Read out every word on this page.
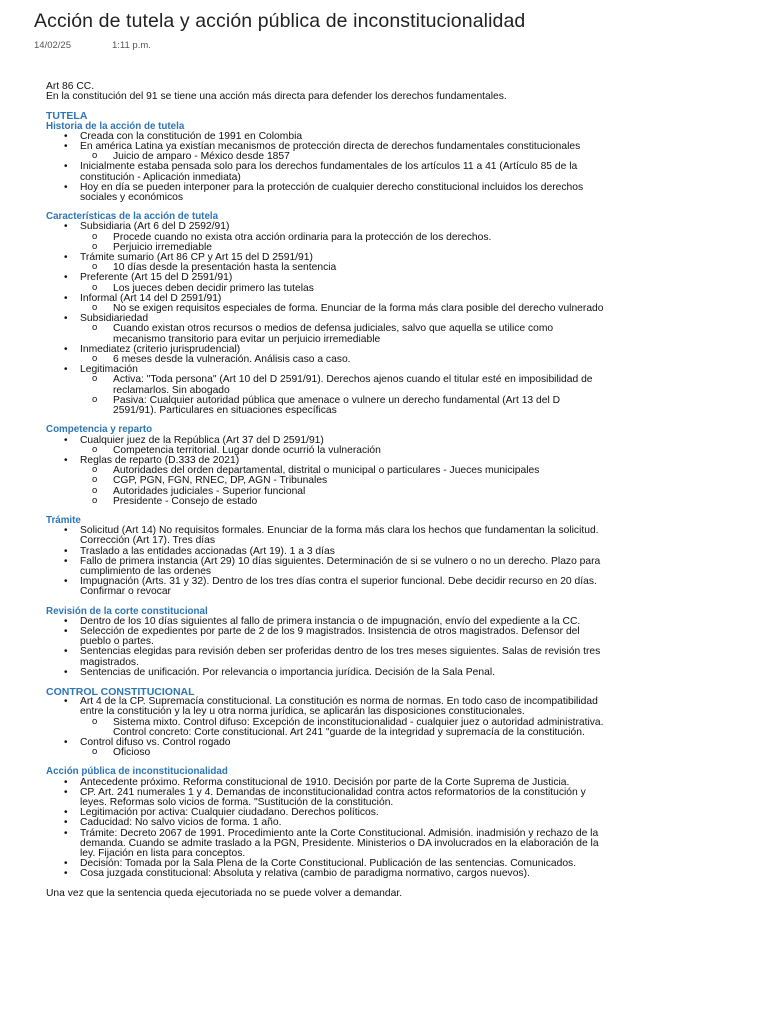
Acción de tutela y acción pública de inconstitucionalidad
14/02/25	1:11 p.m.

Art 86 CC.

En la constitución del 91 se tiene una acción más directa para defender los derechos fundamentales.

TUTELA
Historia de la acción de tutela
• Creada con la constitución de 1991 en Colombia
• En américa Latina ya existían mecanismos de protección directa de derechos fundamentales constitucionales
o Juicio de amparo - México desde 1857
• Inicialmente estaba pensada solo para los derechos fundamentales de los artículos 11 a 41 (Artículo 85 de la constitución - Aplicación inmediata)
• Hoy en día se pueden interponer para la protección de cualquier derecho constitucional incluidos los derechos sociales y económicos
Características de la acción de tutela
• Subsidiaria (Art 6 del D 2592/91)
o Procede cuando no exista otra acción ordinaria para la protección de los derechos.
o Perjuicio irremediable
• Trámite sumario (Art 86 CP y Art 15 del D 2591/91)
o 10 días desde la presentación hasta la sentencia
• Preferente (Art 15 del D 2591/91)
o Los jueces deben decidir primero las tutelas
• Informal (Art 14 del D 2591/91)
o No se exigen requisitos especiales de forma. Enunciar de la forma más clara posible del derecho vulnerado
• Subsidiariedad
o Cuando existan otros recursos o medios de defensa judiciales, salvo que aquella se utilice como mecanismo transitorio para evitar un perjuicio irremediable
• Inmediatez (criterio jurisprudencial)
o 6 meses desde la vulneración. Análisis caso a caso.
• Legitimación
o Activa: "Toda persona" (Art 10 del D 2591/91). Derechos ajenos cuando el titular esté en imposibilidad de reclamarlos. Sin abogado
o Pasiva: Cualquier autoridad pública que amenace o vulnere un derecho fundamental (Art 13 del D 2591/91). Particulares en situaciones específicas
Competencia y reparto
• Cualquier juez de la República (Art 37 del D 2591/91)
o Competencia territorial. Lugar donde ocurrió la vulneración
• Reglas de reparto (D.333 de 2021)
o Autoridades del orden departamental, distrital o municipal o particulares - Jueces municipales
o CGP, PGN, FGN, RNEC, DP, AGN - Tribunales
o Autoridades judiciales - Superior funcional
o Presidente - Consejo de estado
Trámite
• Solicitud (Art 14) No requisitos formales. Enunciar de la forma más clara los hechos que fundamentan la solicitud. Corrección (Art 17). Tres días
• Traslado a las entidades accionadas (Art 19). 1 a 3 días
• Fallo de primera instancia (Art 29) 10 días siguientes. Determinación de si se vulnero o no un derecho. Plazo para cumplimiento de las ordenes
• Impugnación (Arts. 31 y 32). Dentro de los tres días contra el superior funcional. Debe decidir recurso en 20 días. Confirmar o revocar
Revisión de la corte constitucional
• Dentro de los 10 días siguientes al fallo de primera instancia o de impugnación, envío del expediente a la CC.
• Selección de expedientes por parte de 2 de los 9 magistrados. Insistencia de otros magistrados. Defensor del pueblo o partes.
• Sentencias elegidas para revisión deben ser proferidas dentro de los tres meses siguientes. Salas de revisión tres magistrados.
• Sentencias de unificación. Por relevancia o importancia jurídica. Decisión de la Sala Penal.
CONTROL CONSTITUCIONAL
• Art 4 de la CP. Supremacía constitucional. La constitución es norma de normas. En todo caso de incompatibilidad entre la constitución y la ley u otra norma jurídica, se aplicarán las disposiciones constitucionales.
o Sistema mixto. Control difuso: Excepción de inconstitucionalidad - cualquier juez o autoridad administrativa.
Control concreto: Corte constitucional. Art 241 "guarde de la integridad y supremacía de la constitución.
• Control difuso vs. Control rogado
o Oficioso
Acción pública de inconstitucionalidad
• Antecedente próximo. Reforma constitucional de 1910. Decisión por parte de la Corte Suprema de Justicia.
• CP. Art. 241 numerales 1 y 4. Demandas de inconstitucionalidad contra actos reformatorios de la constitución y leyes. Reformas solo vicios de forma. "Sustitución de la constitución.
• Legitimación por activa: Cualquier ciudadano. Derechos políticos.
• Caducidad: No salvo vicios de forma. 1 año.
• Trámite: Decreto 2067 de 1991. Procedimiento ante la Corte Constitucional. Admisión. inadmisión y rechazo de la demanda. Cuando se admite traslado a la PGN, Presidente. Ministerios o DA involucrados en la elaboración de la ley. Fijación en lista para conceptos.
• Decisión: Tomada por la Sala Plena de la Corte Constitucional. Publicación de las sentencias. Comunicados.
• Cosa juzgada constitucional: Absoluta y relativa (cambio de paradigma normativo, cargos nuevos).

Una vez que la sentencia queda ejecutoriada no se puede volver a demandar.
